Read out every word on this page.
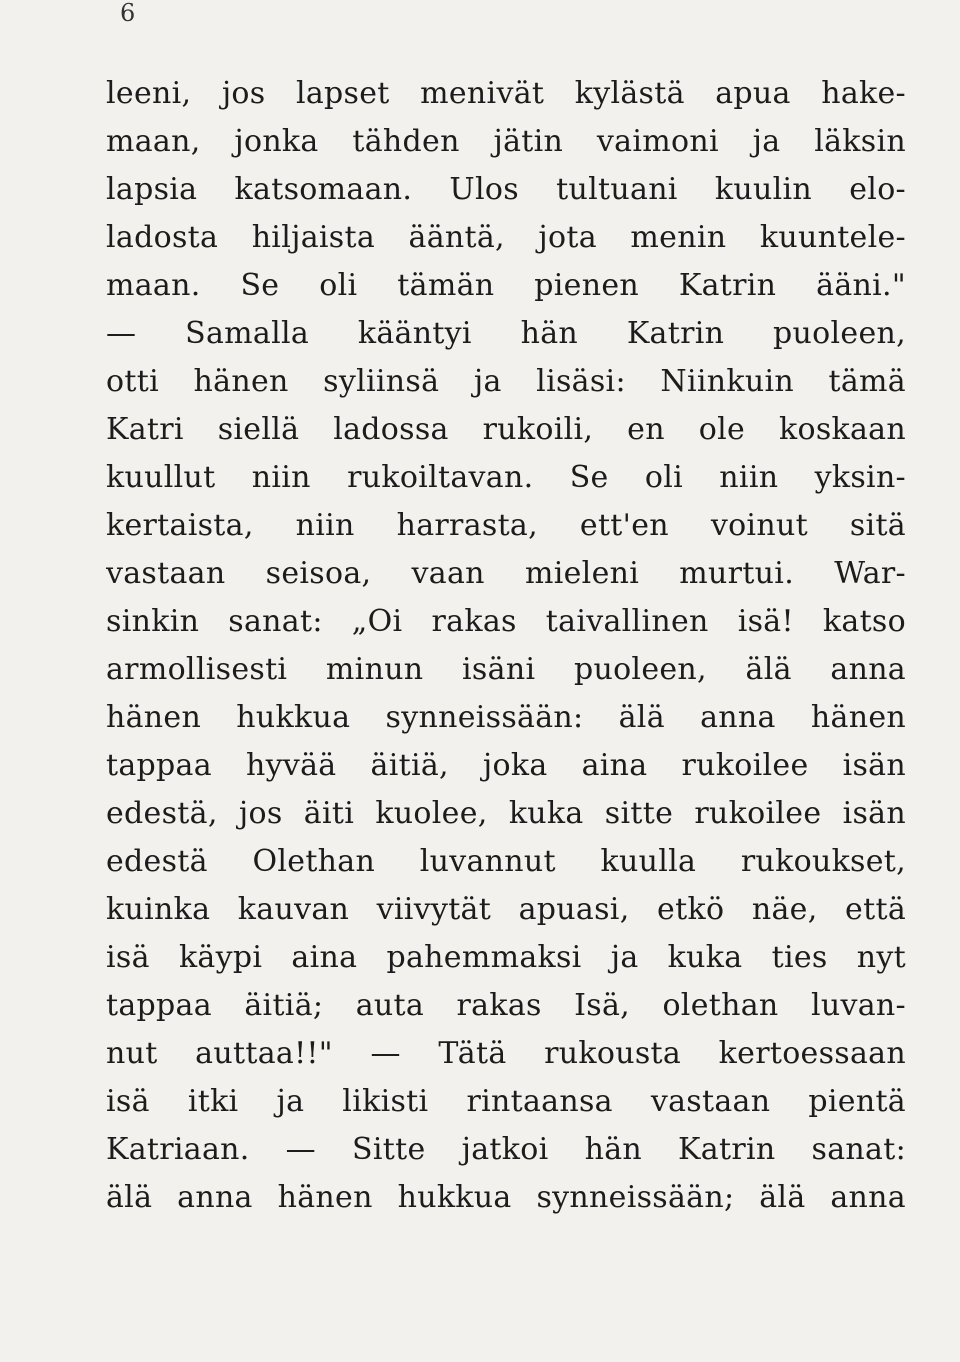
6
leeni, jos lapset menivät kylästä apua hake-
maan, jonka tähden jätin vaimoni ja läksin
lapsia katsomaan. Ulos tultuani kuulin elo-
ladosta hiljaista ääntä, jota menin kuuntele-
maan. Se oli tämän pienen Katrin ääni."
— Samalla kääntyi hän Katrin puoleen,
otti hänen syliinsä ja lisäsi: Niinkuin tämä
Katri siellä ladossa rukoili, en ole koskaan
kuullut niin rukoiltavan. Se oli niin yksin-
kertaista, niin harrasta, ett'en voinut sitä
vastaan seisoa, vaan mieleni murtui. War-
sinkin sanat: „Oi rakas taivallinen isä! katso
armollisesti minun isäni puoleen, älä anna
hänen hukkua synneissään: älä anna hänen
tappaa hyvää äitiä, joka aina rukoilee isän
edestä, jos äiti kuolee, kuka sitte rukoilee isän
edestä Olethan luvannut kuulla rukoukset,
kuinka kauvan viivytät apuasi, etkö näe, että
isä käypi aina pahemmaksi ja kuka ties nyt
tappaa äitiä; auta rakas Isä, olethan luvan-
nut auttaa!!" — Tätä rukousta kertoessaan
isä itki ja likisti rintaansa vastaan pientä
Katriaan. — Sitte jatkoi hän Katrin sanat:
älä anna hänen hukkua synneissään; älä anna
